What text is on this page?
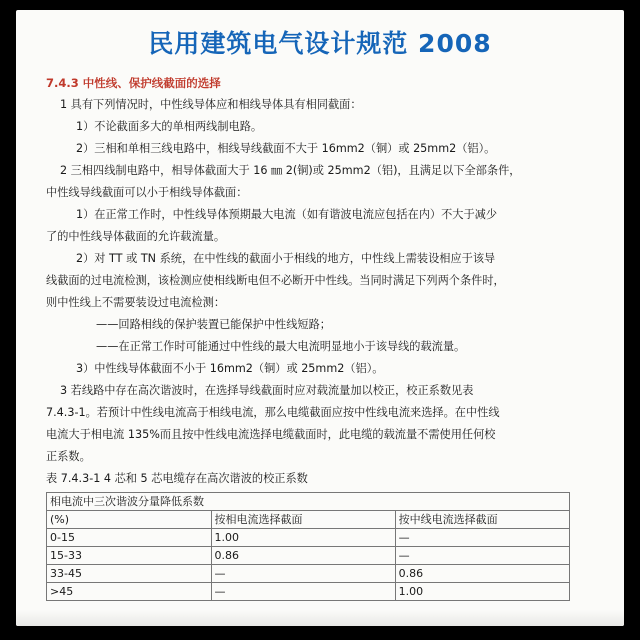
民用建筑电气设计规范 2008
7.4.3 中性线、保护线截面的选择
1 具有下列情况时，中性线导体应和相线导体具有相同截面：
1）不论截面多大的单相两线制电路。
2）三相和单相三线电路中，相线导线截面不大于 16mm2（铜）或 25mm2（铝）。
2 三相四线制电路中，相导体截面大于 16 ㎜ 2(铜)或 25mm2（铝)，且满足以下全部条件，
中性线导线截面可以小于相线导体截面：
1）在正常工作时，中性线导体预期最大电流（如有谐波电流应包括在内）不大于减少
了的中性线导体截面的允许载流量。
2）对 TT 或 TN 系统，在中性线的截面小于相线的地方，中性线上需装设相应于该导
线截面的过电流检测，该检测应使相线断电但不必断开中性线。当同时满足下列两个条件时，
则中性线上不需要装设过电流检测：
——回路相线的保护装置已能保护中性线短路；
——在正常工作时可能通过中性线的最大电流明显地小于该导线的载流量。
3）中性线导体截面不小于 16mm2（铜）或 25mm2（铝）。
3 若线路中存在高次谐波时，在选择导线截面时应对载流量加以校正，校正系数见表
7.4.3-1。若预计中性线电流高于相线电流，那么电缆截面应按中性线电流来选择。在中性线
电流大于相电流 135%而且按中性线电流选择电缆截面时，此电缆的载流量不需使用任何校
正系数。
表 7.4.3-1 4 芯和 5 芯电缆存在高次谐波的校正系数
相电流中三次谐波分量降低系数		
(%)	按相电流选择截面	按中线电流选择截面
0-15	1.00	—
15-33	0.86	—
33-45	—	0.86
>45	—	1.00
